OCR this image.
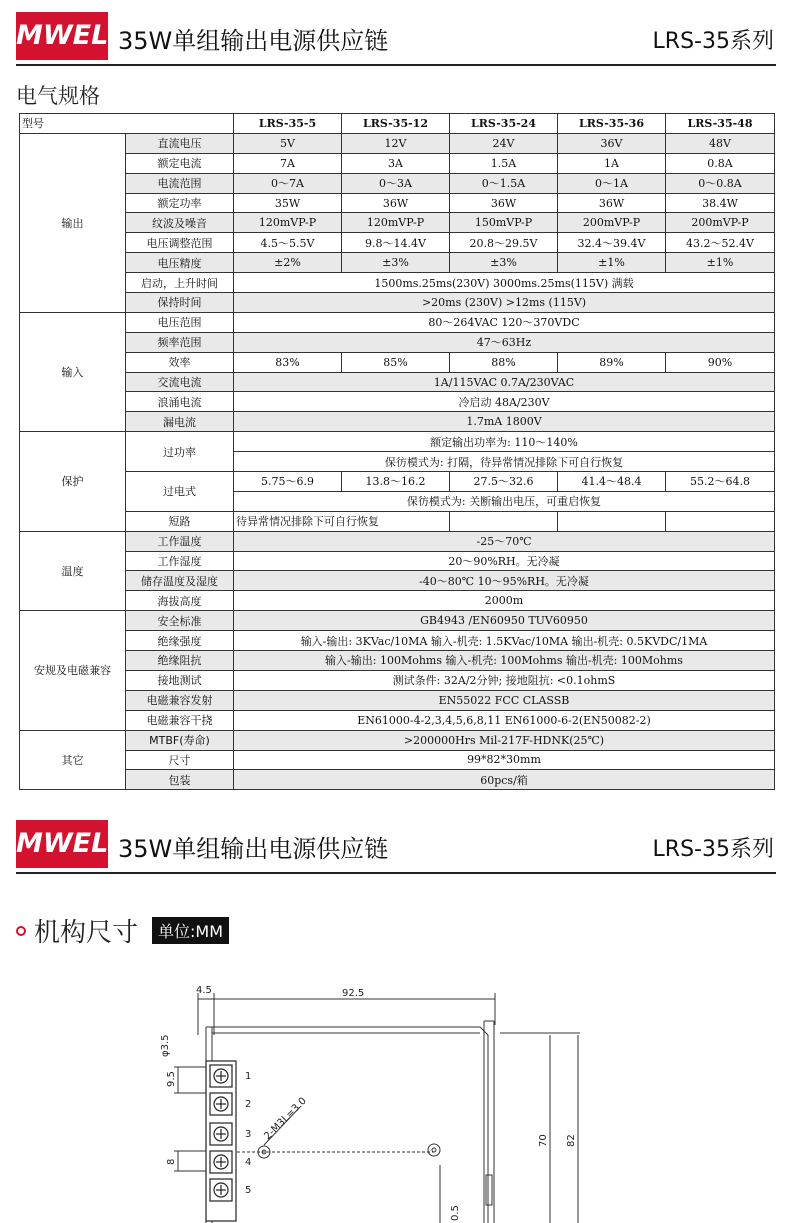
MWEL 35W单组输出电源供应链	LRS-35系列
电气规格
型号		LRS-35-5	LRS-35-12	LRS-35-24	LRS-35-36	LRS-35-48
输出	直流电压	5V	12V	24V	36V	48V
	额定电流	7A	3A	1.5A	1A	0.8A
	电流范围	0～7A	0～3A	0～1.5A	0～1A	0～0.8A
	额定功率	35W	36W	36W	36W	38.4W
	纹波及噪音	120mVP-P	120mVP-P	150mVP-P	200mVP-P	200mVP-P
	电压调整范围	4.5～5.5V	9.8～14.4V	20.8～29.5V	32.4～39.4V	43.2～52.4V
	电压精度	±2%	±3%	±3%	±1%	±1%
	启动，上升时间	1500ms.25ms(230V) 3000ms.25ms(115V) 满载				
	保持时间	>20ms (230V) >12ms (115V)				
输入	电压范围	80～264VAC 120～370VDC				
	频率范围	47～63Hz				
	效率	83%	85%	88%	89%	90%
	交流电流	1A/115VAC 0.7A/230VAC				
	浪涌电流	冷启动 48A/230V				
	漏电流	1.7mA 1800V				
保护	过功率	额定输出功率为: 110～140%				
		保彷模式为: 打隔，待异常情况排除下可自行恢复				
	过电式	5.75～6.9	13.8～16.2	27.5～32.6	41.4～48.4	55.2～64.8
		保彷模式为: 关断输出电压，可重启恢复				
	短路	待异常情况排除下可自行恢复				
温度	工作温度	-25～70℃				
	工作湿度	20～90%RH。无冷凝				
	储存温度及湿度	-40～80℃ 10～95%RH。无冷凝				
	海拔高度	2000m				
安规及电磁兼容	安全标准	GB4943 /EN60950 TUV60950				
	绝缘强度	输入-输出: 3KVac/10MA 输入-机壳: 1.5KVac/10MA 输出-机壳: 0.5KVDC/1MA				
	绝缘阻抗	输入-输出: 100Mohms 输入-机壳: 100Mohms 输出-机壳: 100Mohms				
	接地测试	测试条件: 32A/2分钟; 接地阻抗: <0.1ohmS				
	电磁兼容发射	EN55022 FCC CLASSB				
	电磁兼容干挠	EN61000-4-2,3,4,5,6,8,11 EN61000-6-2(EN50082-2)				
其它	MTBF(寿命)	>200000Hrs Mil-217F-HDNK(25℃)				
	尺寸	99*82*30mm				
	包装	60pcs/箱				
MWEL 35W单组输出电源供应链	LRS-35系列
机构尺寸	单位:MM
4.5	92.5
φ3.5
9.5
8
70 82
2-M3L=3.0
0.5
1
2
3
4
5
